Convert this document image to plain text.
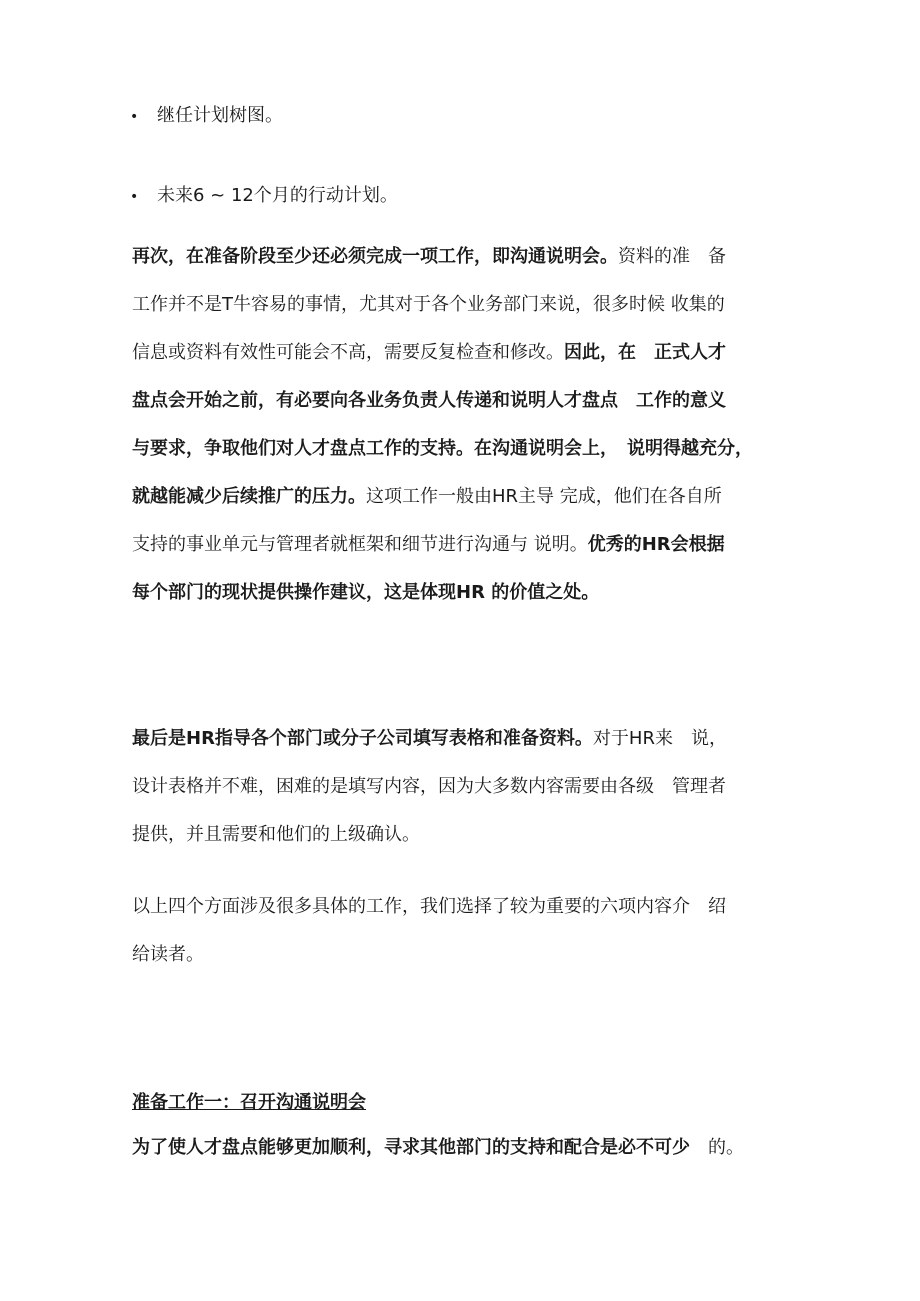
• 继任计划树图。
• 未来6 ~ 12个月的行动计划。
再次，在准备阶段至少还必须完成一项工作，即沟通说明会。资料的准　备
工作并不是T牛容易的事情，尤其对于各个业务部门来说，很多时候 收集的
信息或资料有效性可能会不高，需要反复检查和修改。因此，在　正式人才
盘点会开始之前，有必要向各业务负责人传递和说明人才盘点　工作的意义
与要求，争取他们对人才盘点工作的支持。在沟通说明会上，　说明得越充分，
就越能减少后续推广的压力。这项工作一般由HR主导 完成，他们在各自所
支持的事业单元与管理者就框架和细节进行沟通与 说明。优秀的HR会根据
每个部门的现状提供操作建议，这是体现HR 的价值之处。
最后是HR指导各个部门或分子公司填写表格和准备资料。对于HR来　说，
设计表格并不难，困难的是填写内容，因为大多数内容需要由各级　管理者
提供，并且需要和他们的上级确认。
以上四个方面涉及很多具体的工作，我们选择了较为重要的六项内容介　绍
给读者。
准备工作一：召开沟通说明会
为了使人才盘点能够更加顺利，寻求其他部门的支持和配合是必不可少　的。
